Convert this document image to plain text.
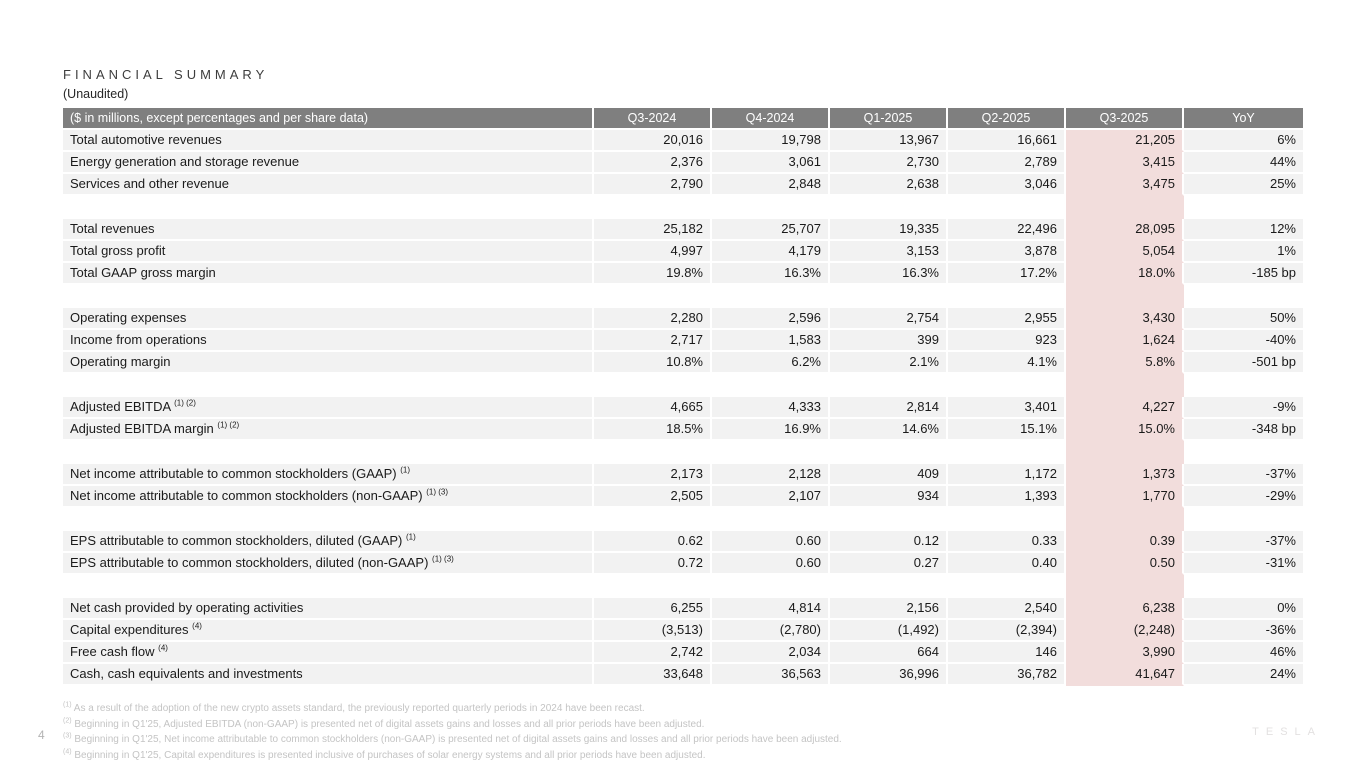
FINANCIAL SUMMARY
(Unaudited)
($ in millions, except percentages and per share data)	Q3-2024	Q4-2024	Q1-2025	Q2-2025	Q3-2025	YoY
Total automotive revenues	20,016	19,798	13,967	16,661	21,205	6%
Energy generation and storage revenue	2,376	3,061	2,730	2,789	3,415	44%
Services and other revenue	2,790	2,848	2,638	3,046	3,475	25%
Total revenues	25,182	25,707	19,335	22,496	28,095	12%
Total gross profit	4,997	4,179	3,153	3,878	5,054	1%
Total GAAP gross margin	19.8%	16.3%	16.3%	17.2%	18.0%	-185 bp
Operating expenses	2,280	2,596	2,754	2,955	3,430	50%
Income from operations	2,717	1,583	399	923	1,624	-40%
Operating margin	10.8%	6.2%	2.1%	4.1%	5.8%	-501 bp
Adjusted EBITDA $^{(1) (2)}$	4,665	4,333	2,814	3,401	4,227	-9%
Adjusted EBITDA margin $^{(1) (2)}$	18.5%	16.9%	14.6%	15.1%	15.0%	-348 bp
Net income attributable to common stockholders (GAAP) $^{(1)}$	2,173	2,128	409	1,172	1,373	-37%
Net income attributable to common stockholders (non-GAAP) $^{(1) (3)}$	2,505	2,107	934	1,393	1,770	-29%
EPS attributable to common stockholders, diluted (GAAP) $^{(1)}$	0.62	0.60	0.12	0.33	0.39	-37%
EPS attributable to common stockholders, diluted (non-GAAP) $^{(1) (3)}$	0.72	0.60	0.27	0.40	0.50	-31%
Net cash provided by operating activities	6,255	4,814	2,156	2,540	6,238	0%
Capital expenditures $^{(4)}$	(3,513)	(2,780)	(1,492)	(2,394)	(2,248)	-36%
Free cash flow $^{(4)}$	2,742	2,034	664	146	3,990	46%
Cash, cash equivalents and investments	33,648	36,563	36,996	36,782	41,647	24%
$^{(1)}$ As a result of the adoption of the new crypto assets standard, the previously reported quarterly periods in 2024 have been recast.
$^{(2)}$ Beginning in Q1'25, Adjusted EBITDA (non-GAAP) is presented net of digital assets gains and losses and all prior periods have been adjusted.
$^{(3)}$ Beginning in Q1'25, Net income attributable to common stockholders (non-GAAP) is presented net of digital assets gains and losses and all prior periods have been adjusted.
$^{(4)}$ Beginning in Q1'25, Capital expenditures is presented inclusive of purchases of solar energy systems and all prior periods have been adjusted.
4	TESLA
